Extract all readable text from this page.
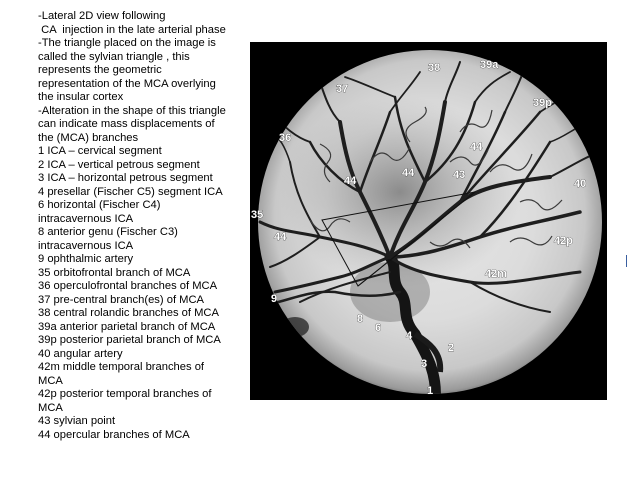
-Lateral 2D view following
CA  injection in the late arterial phase
-The triangle placed on the image is
called the sylvian triangle , this
represents the geometric
representation of the MCA overlying
the insular cortex
-Alteration in the shape of this triangle
can indicate mass displacements of
the (MCA) branches
1 ICA – cervical segment
2 ICA – vertical petrous segment
3 ICA – horizontal petrous segment
4 presellar (Fischer C5) segment ICA
6 horizontal (Fischer C4)
intracavernous ICA
8 anterior genu (Fischer C3)
intracavernous ICA
9 ophthalmic artery
35 orbitofrontal branch of MCA
36 operculofrontal branches of MCA
37 pre-central branch(es) of MCA
38 central rolandic branches of MCA
39a anterior parietal branch of MCA
39p posterior parietal branch of MCA
40 angular artery
42m middle temporal branches of
MCA
42p posterior temporal branches of
MCA
43 sylvian point
44 opercular branches of MCA
38	39a
37
39p
36
44
44
44	43
40
35
44	42p
42m
9
8
6
4
2
3
1
